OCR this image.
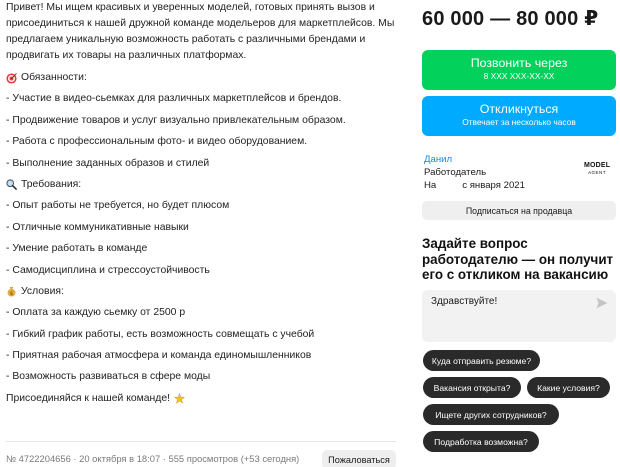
Привет! Мы ищем красивых и уверенных моделей, готовых принять вызов и присоединиться к нашей дружной команде модельеров для маркетплейсов. Мы предлагаем уникальную возможность работать с различными брендами и продвигать их товары на различных платформах.

Обязанности:

- Участие в видео-сьемках для различных маркетплейсов и брендов.

- Продвижение товаров и услуг визуально привлекательным образом.

- Работа с профессиональным фото- и видео оборудованием.

- Выполнение заданных образов и стилей

Требования:

- Опыт работы не требуется, но будет плюсом

- Отличные коммуникативные навыки

- Умение работать в команде

- Самодисциплина и стрессоустойчивость

$ Условия:

- Оплата за каждую сьемку от 2500 р

- Гибкий график работы, есть возможность совмещать с учебой

- Приятная рабочая атмосфера и команда единомышленников

- Возможность развиваться в сфере моды

Присоединяйся к нашей команде!

№ 4722204656 · 20 октября в 18:07 · 555 просмотров (+53 сегодня)	Пожаловаться
60 000 — 80 000 ₽
Позвонить через
8 XXX XXX-XX-XX
Откликнуться
Отвечает за несколько часов
Данил
Работодатель
На	с января 2021
MODEL
AGENT
Подписаться на продавца
Задайте вопрос работодателю — он получит его с откликом на вакансию
Здравствуйте!
Куда отправить резюме?
Вакансия открыта?	Какие условия?
Ищете других сотрудников?
Подработка возможна?
